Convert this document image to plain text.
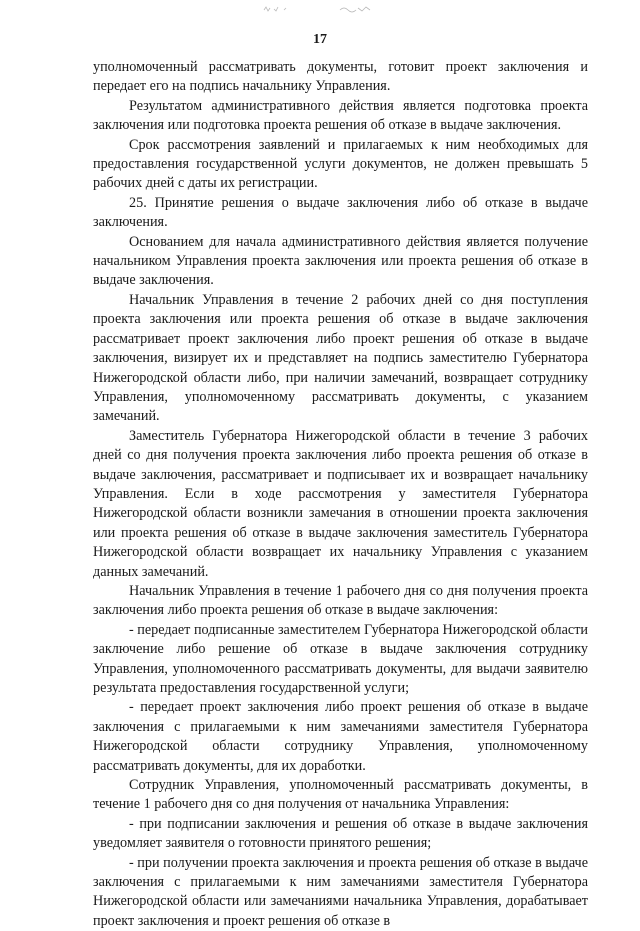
17

уполномоченный рассматривать документы, готовит проект заключения и передает его на подпись начальнику Управления.

Результатом административного действия является подготовка проекта заключения или подготовка проекта решения об отказе в выдаче заключения.

Срок рассмотрения заявлений и прилагаемых к ним необходимых для предоставления государственной услуги документов, не должен превышать 5 рабочих дней с даты их регистрации.

25. Принятие решения о выдаче заключения либо об отказе в выдаче заключения.

Основанием для начала административного действия является получение начальником Управления проекта заключения или проекта решения об отказе в выдаче заключения.

Начальник Управления в течение 2 рабочих дней со дня поступления проекта заключения или проекта решения об отказе в выдаче заключения рассматривает проект заключения либо проект решения об отказе в выдаче заключения, визирует их и представляет на подпись заместителю Губернатора Нижегородской области либо, при наличии замечаний, возвращает сотруднику Управления, уполномоченному рассматривать документы, с указанием замечаний.

Заместитель Губернатора Нижегородской области в течение 3 рабочих дней со дня получения проекта заключения либо проекта решения об отказе в выдаче заключения, рассматривает и подписывает их и возвращает начальнику Управления. Если в ходе рассмотрения у заместителя Губернатора Нижегородской области возникли замечания в отношении проекта заключения или проекта решения об отказе в выдаче заключения заместитель Губернатора Нижегородской области возвращает их начальнику Управления с указанием данных замечаний.

Начальник Управления в течение 1 рабочего дня со дня получения проекта заключения либо проекта решения об отказе в выдаче заключения:

- передает подписанные заместителем Губернатора Нижегородской области заключение либо решение об отказе в выдаче заключения сотруднику Управления, уполномоченного рассматривать документы, для выдачи заявителю результата предоставления государственной услуги;

- передает проект заключения либо проект решения об отказе в выдаче заключения с прилагаемыми к ним замечаниями заместителя Губернатора Нижегородской области сотруднику Управления, уполномоченному рассматривать документы, для их доработки.

Сотрудник Управления, уполномоченный рассматривать документы, в течение 1 рабочего дня со дня получения от начальника Управления:

- при подписании заключения и решения об отказе в выдаче заключения уведомляет заявителя о готовности принятого решения;

- при получении проекта заключения и проекта решения об отказе в выдаче заключения с прилагаемыми к ним замечаниями заместителя Губернатора Нижегородской области или замечаниями начальника Управления, дорабатывает проект заключения и проект решения об отказе в
